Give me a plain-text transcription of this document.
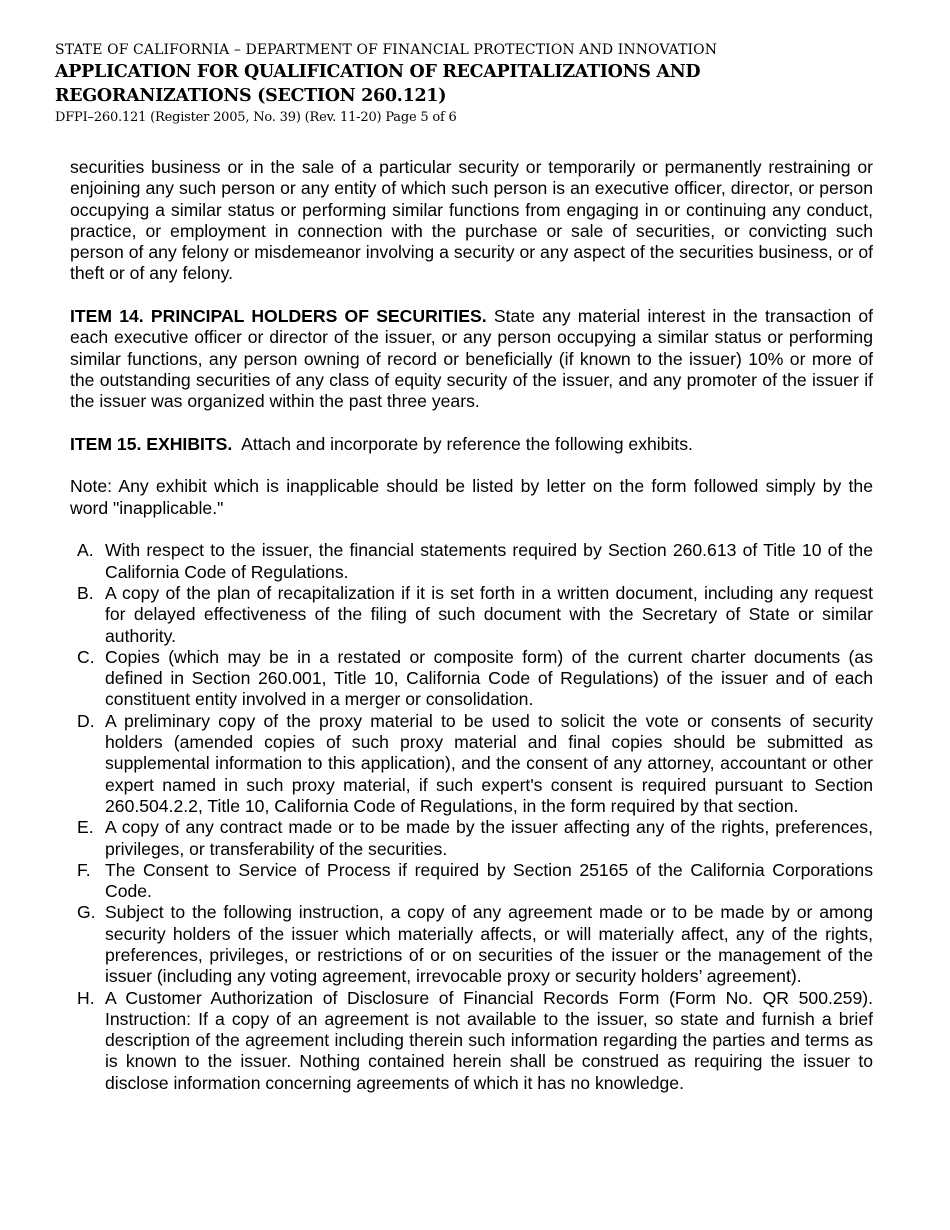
STATE OF CALIFORNIA – DEPARTMENT OF FINANCIAL PROTECTION AND INNOVATION
APPLICATION FOR QUALIFICATION OF RECAPITALIZATIONS AND
REGORANIZATIONS (SECTION 260.121)
DFPI–260.121 (Register 2005, No. 39) (Rev. 11-20) Page 5 of 6

securities business or in the sale of a particular security or temporarily or permanently restraining or enjoining any such person or any entity of which such person is an executive officer, director, or person occupying a similar status or performing similar functions from engaging in or continuing any conduct, practice, or employment in connection with the purchase or sale of securities, or convicting such person of any felony or misdemeanor involving a security or any aspect of the securities business, or of theft or of any felony.

ITEM 14. PRINCIPAL HOLDERS OF SECURITIES. State any material interest in the transaction of each executive officer or director of the issuer, or any person occupying a similar status or performing similar functions, any person owning of record or beneficially (if known to the issuer) 10% or more of the outstanding securities of any class of equity security of the issuer, and any promoter of the issuer if the issuer was organized within the past three years.

ITEM 15. EXHIBITS. Attach and incorporate by reference the following exhibits.

Note: Any exhibit which is inapplicable should be listed by letter on the form followed simply by the word "inapplicable."

A. With respect to the issuer, the financial statements required by Section 260.613 of Title 10 of the California Code of Regulations.
B. A copy of the plan of recapitalization if it is set forth in a written document, including any request for delayed effectiveness of the filing of such document with the Secretary of State or similar authority.
C. Copies (which may be in a restated or composite form) of the current charter documents (as defined in Section 260.001, Title 10, California Code of Regulations) of the issuer and of each constituent entity involved in a merger or consolidation.
D. A preliminary copy of the proxy material to be used to solicit the vote or consents of security holders (amended copies of such proxy material and final copies should be submitted as supplemental information to this application), and the consent of any attorney, accountant or other expert named in such proxy material, if such expert's consent is required pursuant to Section 260.504.2.2, Title 10, California Code of Regulations, in the form required by that section.
E. A copy of any contract made or to be made by the issuer affecting any of the rights, preferences, privileges, or transferability of the securities.
F. The Consent to Service of Process if required by Section 25165 of the California Corporations Code.
G. Subject to the following instruction, a copy of any agreement made or to be made by or among security holders of the issuer which materially affects, or will materially affect, any of the rights, preferences, privileges, or restrictions of or on securities of the issuer or the management of the issuer (including any voting agreement, irrevocable proxy or security holders’ agreement).
H. A Customer Authorization of Disclosure of Financial Records Form (Form No. QR 500.259). Instruction: If a copy of an agreement is not available to the issuer, so state and furnish a brief description of the agreement including therein such information regarding the parties and terms as is known to the issuer. Nothing contained herein shall be construed as requiring the issuer to disclose information concerning agreements of which it has no knowledge.
